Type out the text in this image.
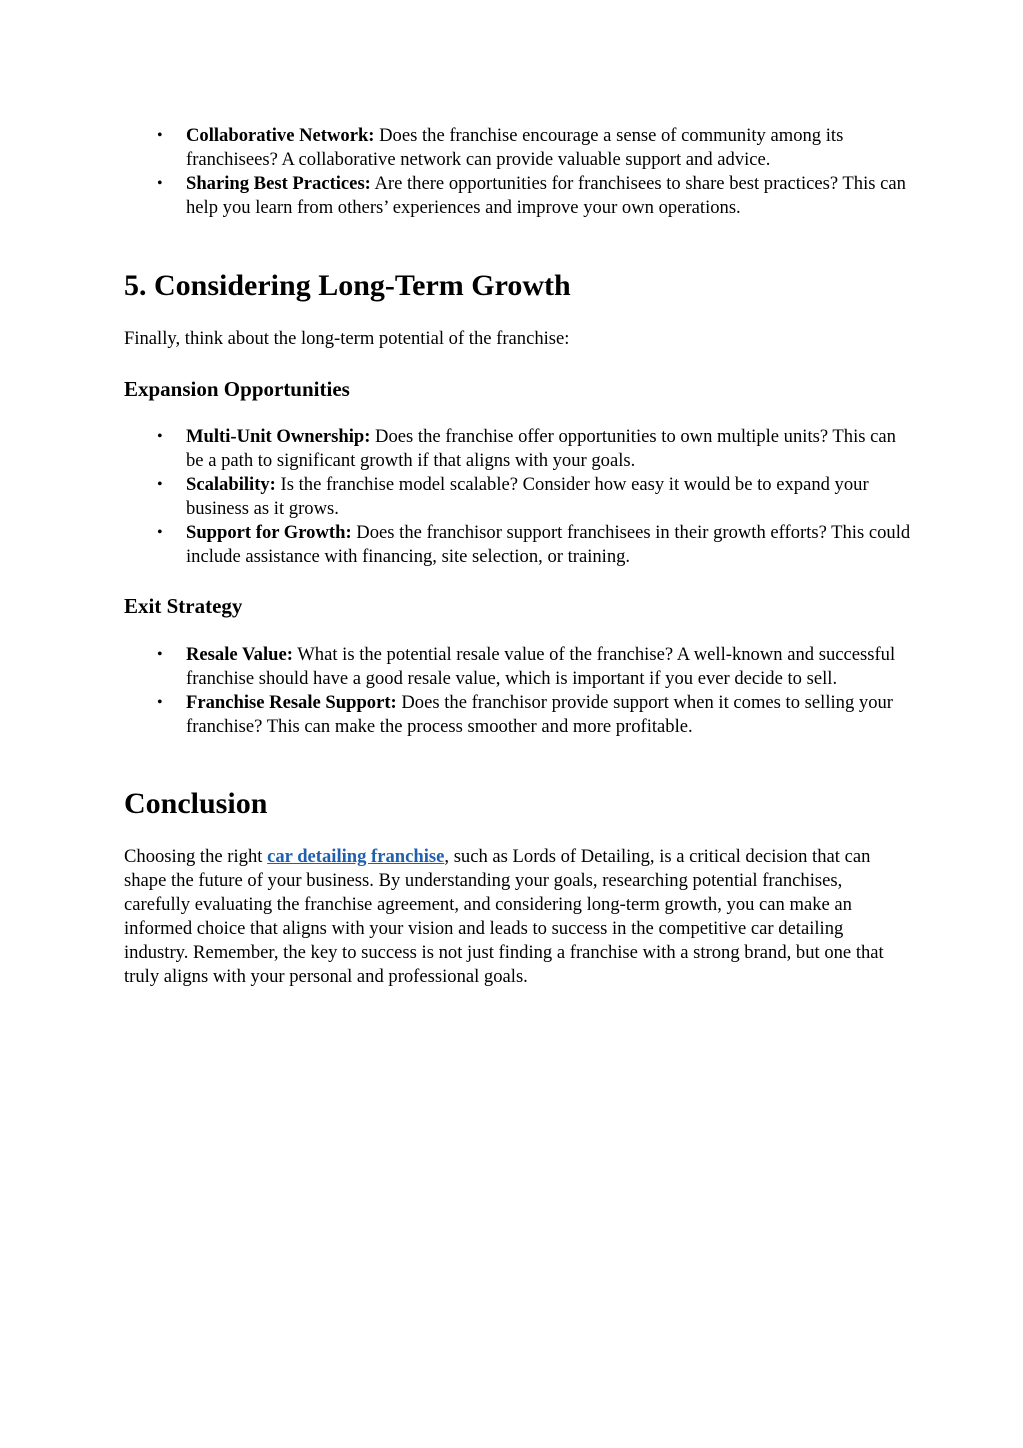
• Collaborative Network: Does the franchise encourage a sense of community among its franchisees? A collaborative network can provide valuable support and advice.
• Sharing Best Practices: Are there opportunities for franchisees to share best practices? This can help you learn from others’ experiences and improve your own operations.
5. Considering Long-Term Growth

Finally, think about the long-term potential of the franchise:

Expansion Opportunities
• Multi-Unit Ownership: Does the franchise offer opportunities to own multiple units? This can be a path to significant growth if that aligns with your goals.
• Scalability: Is the franchise model scalable? Consider how easy it would be to expand your business as it grows.
• Support for Growth: Does the franchisor support franchisees in their growth efforts? This could include assistance with financing, site selection, or training.
Exit Strategy
• Resale Value: What is the potential resale value of the franchise? A well-known and successful franchise should have a good resale value, which is important if you ever decide to sell.
• Franchise Resale Support: Does the franchisor provide support when it comes to selling your franchise? This can make the process smoother and more profitable.
Conclusion

Choosing the right car detailing franchise, such as Lords of Detailing, is a critical decision that can shape the future of your business. By understanding your goals, researching potential franchises, carefully evaluating the franchise agreement, and considering long-term growth, you can make an informed choice that aligns with your vision and leads to success in the competitive car detailing industry. Remember, the key to success is not just finding a franchise with a strong brand, but one that truly aligns with your personal and professional goals.
